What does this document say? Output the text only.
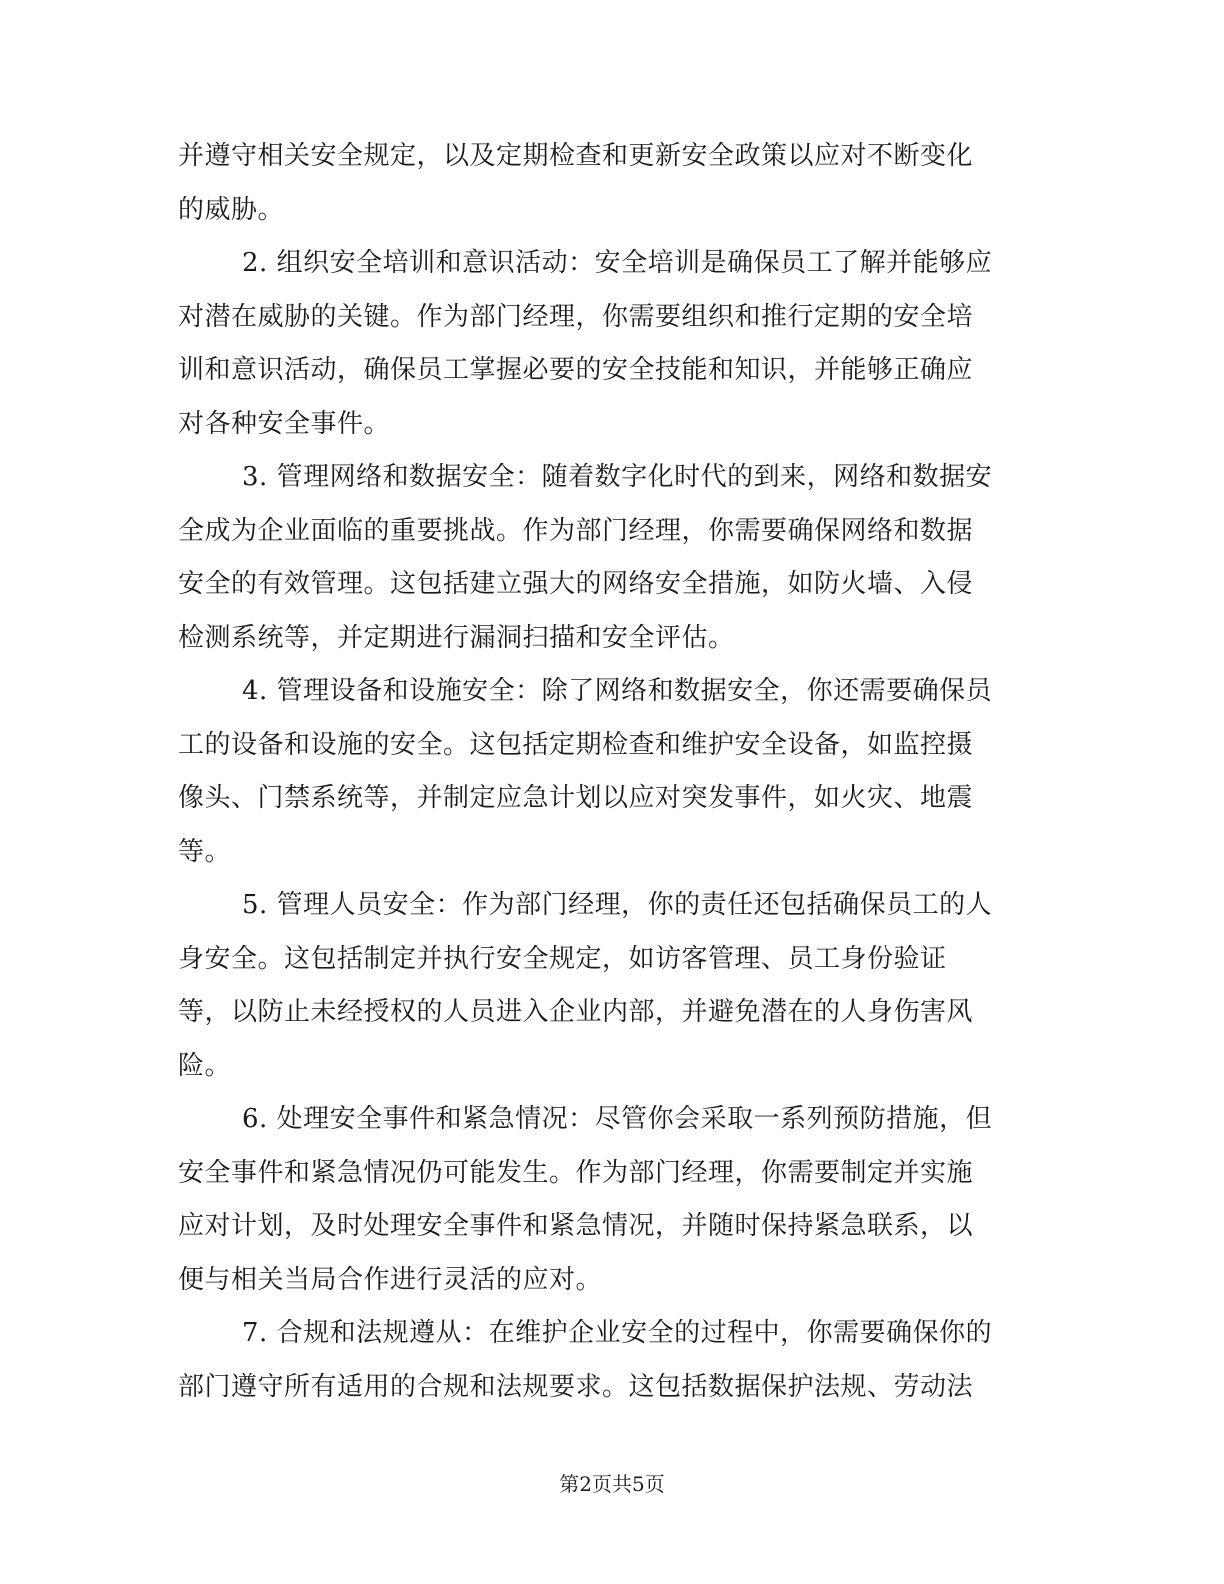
并遵守相关安全规定，以及定期检查和更新安全政策以应对不断变化
的威胁。
2. 组织安全培训和意识活动：安全培训是确保员工了解并能够应
对潜在威胁的关键。作为部门经理，你需要组织和推行定期的安全培
训和意识活动，确保员工掌握必要的安全技能和知识，并能够正确应
对各种安全事件。
3. 管理网络和数据安全：随着数字化时代的到来，网络和数据安
全成为企业面临的重要挑战。作为部门经理，你需要确保网络和数据
安全的有效管理。这包括建立强大的网络安全措施，如防火墙、入侵
检测系统等，并定期进行漏洞扫描和安全评估。
4. 管理设备和设施安全：除了网络和数据安全，你还需要确保员
工的设备和设施的安全。这包括定期检查和维护安全设备，如监控摄
像头、门禁系统等，并制定应急计划以应对突发事件，如火灾、地震
等。
5. 管理人员安全：作为部门经理，你的责任还包括确保员工的人
身安全。这包括制定并执行安全规定，如访客管理、员工身份验证
等，以防止未经授权的人员进入企业内部，并避免潜在的人身伤害风
险。
6. 处理安全事件和紧急情况：尽管你会采取一系列预防措施，但
安全事件和紧急情况仍可能发生。作为部门经理，你需要制定并实施
应对计划，及时处理安全事件和紧急情况，并随时保持紧急联系，以
便与相关当局合作进行灵活的应对。
7. 合规和法规遵从：在维护企业安全的过程中，你需要确保你的
部门遵守所有适用的合规和法规要求。这包括数据保护法规、劳动法
第2页共5页
